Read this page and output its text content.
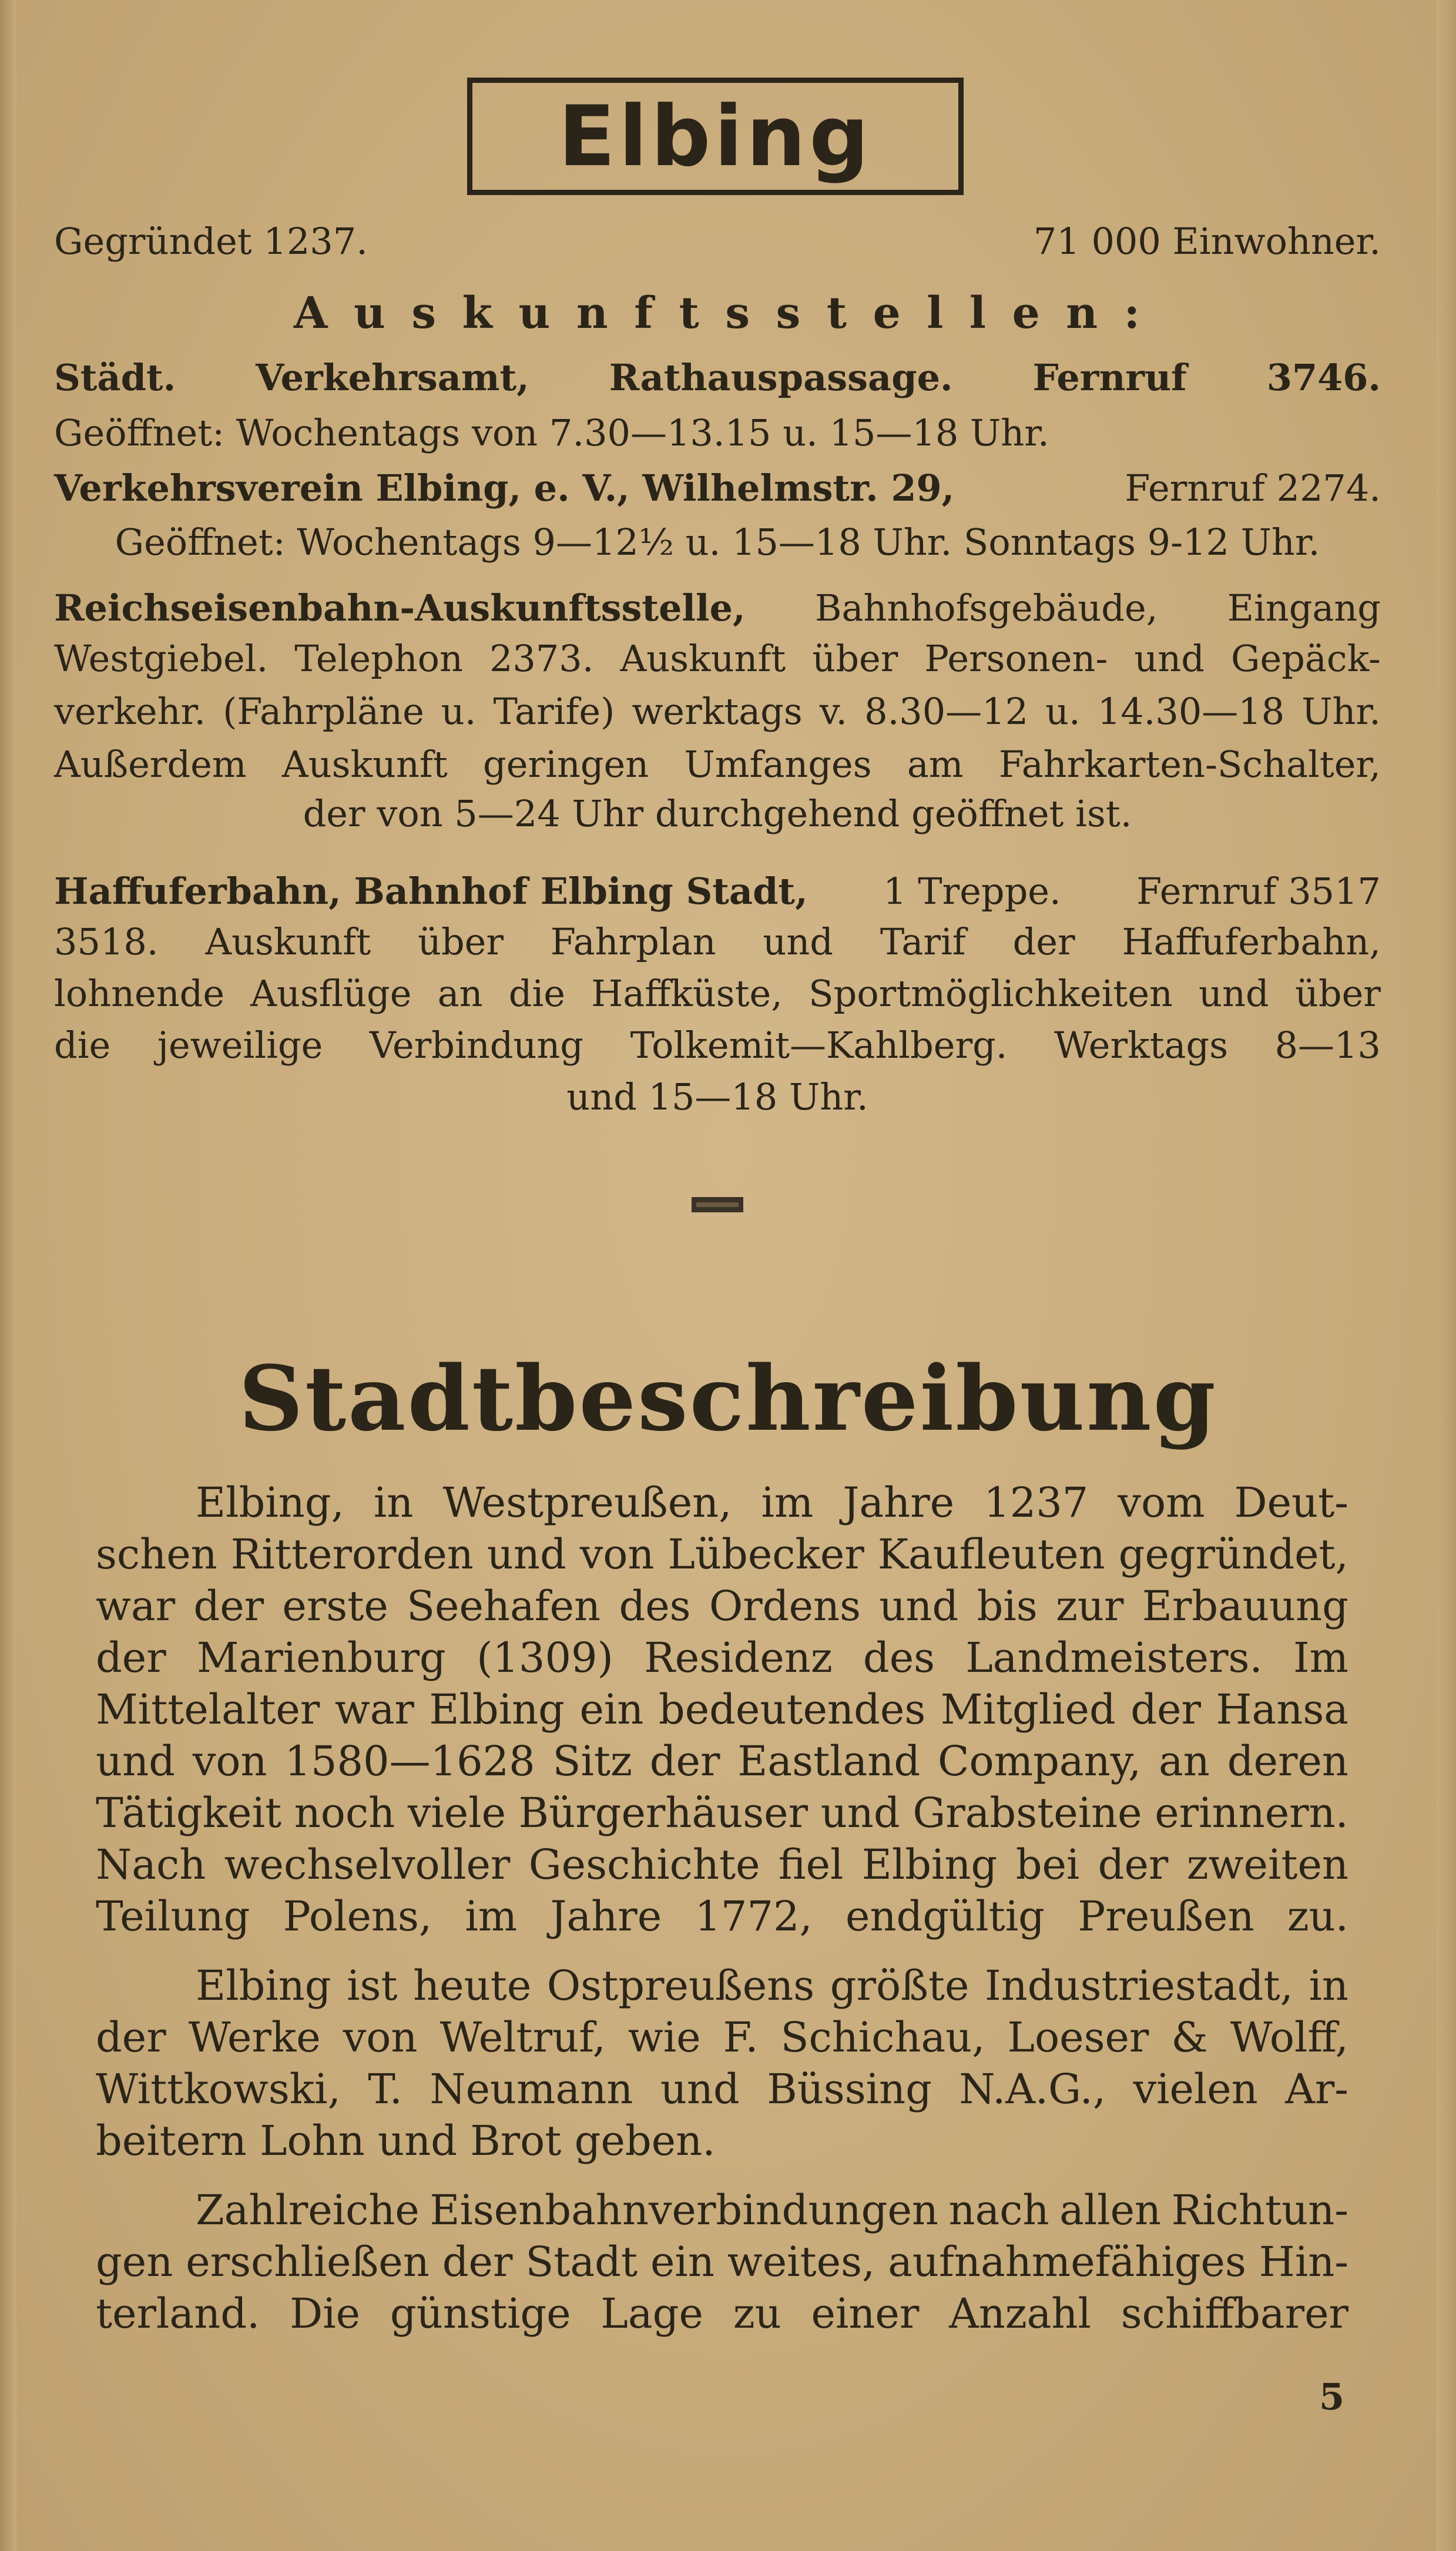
Elbing
Gegründet 1237.	71 000 Einwohner.
A u s k u n f t s s t e l l e n :
Städt. Verkehrsamt, Rathauspassage. Fernruf 3746.
Geöffnet: Wochentags von 7.30—13.15 u. 15—18 Uhr.
Verkehrsverein Elbing, e. V., Wilhelmstr. 29,	Fernruf 2274.
Geöffnet: Wochentags 9—12½ u. 15—18 Uhr. Sonntags 9-12 Uhr.
Reichseisenbahn-Auskunftsstelle, Bahnhofsgebäude, Eingang
Westgiebel. Telephon 2373. Auskunft über Personen- und Gepäck-
verkehr. (Fahrpläne u. Tarife) werktags v. 8.30—12 u. 14.30—18 Uhr.
Außerdem Auskunft geringen Umfanges am Fahrkarten-Schalter,
der von 5—24 Uhr durchgehend geöffnet ist.
Haffuferbahn, Bahnhof Elbing Stadt, 1 Treppe. Fernruf 3517
3518. Auskunft über Fahrplan und Tarif der Haffuferbahn,
lohnende Ausflüge an die Haffküste, Sportmöglichkeiten und über
die jeweilige Verbindung Tolkemit—Kahlberg. Werktags 8—13
und 15—18 Uhr.
Stadtbeschreibung
Elbing, in Westpreußen, im Jahre 1237 vom Deut-
schen Ritterorden und von Lübecker Kaufleuten gegründet,
war der erste Seehafen des Ordens und bis zur Erbauung
der Marienburg (1309) Residenz des Landmeisters. Im
Mittelalter war Elbing ein bedeutendes Mitglied der Hansa
und von 1580—1628 Sitz der Eastland Company, an deren
Tätigkeit noch viele Bürgerhäuser und Grabsteine erinnern.
Nach wechselvoller Geschichte fiel Elbing bei der zweiten
Teilung Polens, im Jahre 1772, endgültig Preußen zu.
Elbing ist heute Ostpreußens größte Industriestadt, in
der Werke von Weltruf, wie F. Schichau, Loeser & Wolff,
Wittkowski, T. Neumann und Büssing N.A.G., vielen Ar-
beitern Lohn und Brot geben.
Zahlreiche Eisenbahnverbindungen nach allen Richtun-
gen erschließen der Stadt ein weites, aufnahmefähiges Hin-
terland. Die günstige Lage zu einer Anzahl schiffbarer
5
